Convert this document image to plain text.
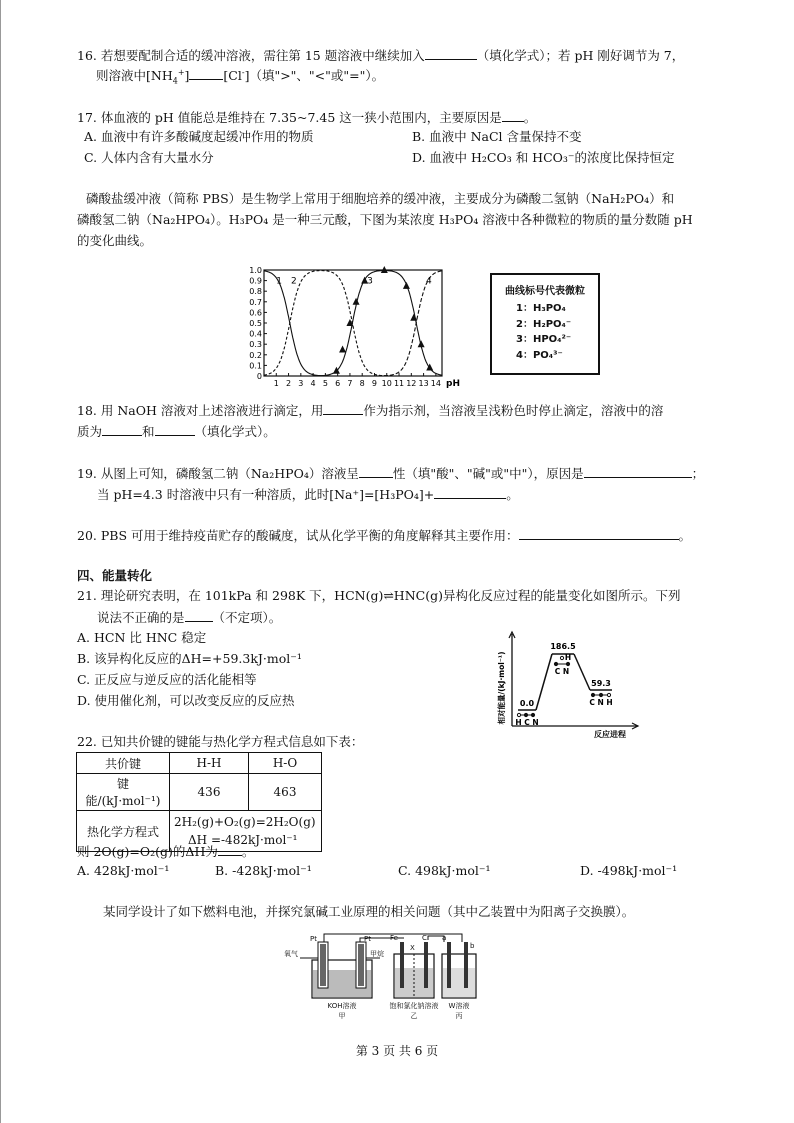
16. 若想要配制合适的缓冲溶液，需往第 15 题溶液中继续加入	（填化学式）；若 pH 刚好调节为 7，
则溶液中$[NH_4^+]$	[Cl-]（填">"、"<"或"="）。
17. 体血液的 pH 值能总是维持在 7.35~7.45 这一狭小范围内，主要原因是 。
A. 血液中有许多酸碱度起缓冲作用的物质	B. 血液中 NaCl 含量保持不变
C. 人体内含有大量水分	D. 血液中 H₂CO₃ 和 HCO₃⁻的浓度比保持恒定
磷酸盐缓冲液（简称 PBS）是生物学上常用于细胞培养的缓冲液，主要成分为磷酸二氢钠（NaH₂PO₄）和
磷酸氢二钠（Na₂HPO₄）。H₃PO₄ 是一种三元酸，下图为某浓度 H₃PO₄ 溶液中各种微粒的物质的量分数随 pH
的变化曲线。
0
0.1
0.2
0.3
0.4
0.5
0.6
0.7
0.8
0.9
1.0
1 2 3 4 5 6 7 8 9 10 11 12 13 14 pH
1 2	3	4
曲线标号代表微粒
1：H₃PO₄
2：H₂PO₄⁻
3：HPO₄²⁻
4：PO₄³⁻
18. 用 NaOH 溶液对上述溶液进行滴定，用	作为指示剂，当溶液呈浅粉色时停止滴定，溶液中的溶
质为	和	（填化学式）。
19. 从图上可知，磷酸氢二钠（Na₂HPO₄）溶液呈	性（填"酸"、"碱"或"中"），原因是	；
当 pH=4.3 时溶液中只有一种溶质，此时[Na⁺]=[H₃PO₄]+	。
20. PBS 可用于维持疫苗贮存的酸碱度，试从化学平衡的角度解释其主要作用：	。
四、能量转化
21. 理论研究表明，在 101kPa 和 298K 下，HCN(g)⇌HNC(g)异构化反应过程的能量变化如图所示。下列
说法不正确的是 （不定项）。
A. HCN 比 HNC 稳定
B. 该异构化反应的ΔH=+59.3kJ·mol⁻¹
C. 正反应与逆反应的活化能相等
D. 使用催化剂，可以改变反应的反应热	相对能量/(kJ·mol⁻¹)
反应进程
0.0
186.5
59.3
H C N
H
C N
C N H
22. 已知共价键的键能与热化学方程式信息如下表：
共价键	H-H	H-O
键能/(kJ·mol⁻¹)	436	463
热化学方程式	2H₂(g)+O₂(g)=2H₂O(g)
ΔH =-482kJ·mol⁻¹	
则 2O(g)=O₂(g)的ΔH为 。
A. 428kJ·mol⁻¹	B. -428kJ·mol⁻¹	C. 498kJ·mol⁻¹	D. -498kJ·mol⁻¹
某同学设计了如下燃料电池，并探究氯碱工业原理的相关问题（其中乙装置中为阳离子交换膜）。
Pt	Pt
氧气	甲烷
KOH溶液
甲
Fe	C
X
饱和氯化钠溶液
乙
a
b
W溶液
丙
第 3 页 共 6 页
